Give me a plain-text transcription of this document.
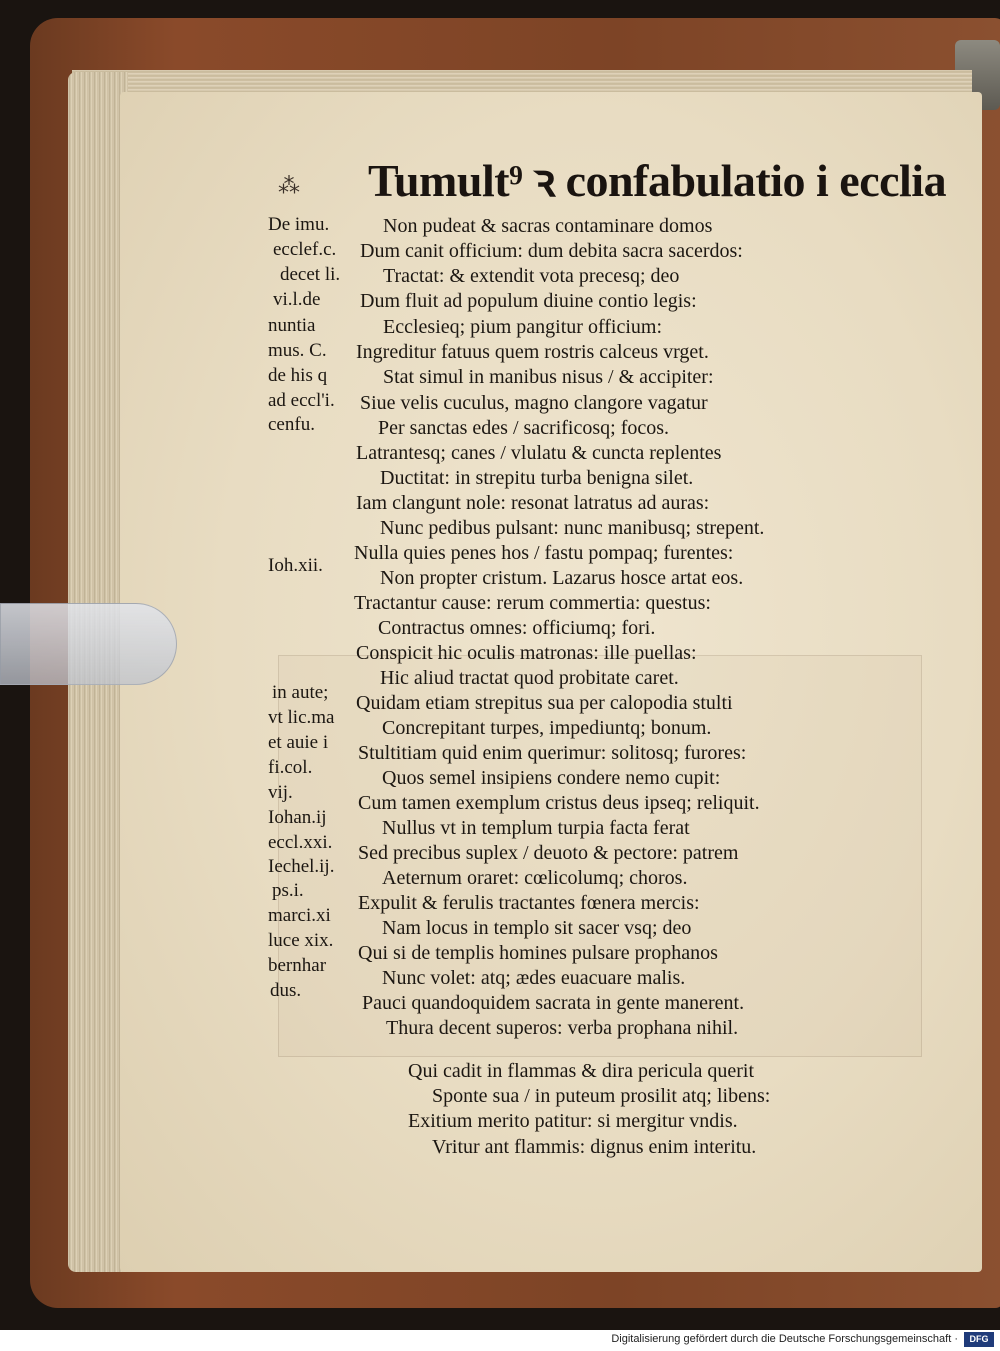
⁂ Tumult⁹ ꝛ confabulatio i ecclia
Non pudeat & sacras contaminare domos
Dum canit officium: dum debita sacra sacerdos:
Tractat: & extendit vota precesq; deo
Dum fluit ad populum diuine contio legis:
Ecclesieq; pium pangitur officium:
Ingreditur fatuus quem rostris calceus vrget.
Stat simul in manibus nisus / & accipiter:
Siue velis cuculus, magno clangore vagatur
Per sanctas edes / sacrificosq; focos.
Latrantesq; canes / vlulatu & cuncta replentes
Ductitat: in strepitu turba benigna silet.
Iam clangunt nole: resonat latratus ad auras:
Nunc pedibus pulsant: nunc manibusq; strepent.
Nulla quies penes hos / fastu pompaq; furentes:
Non propter cristum. Lazarus hosce artat eos.
Tractantur cause: rerum commertia: questus:
Contractus omnes: officiumq; fori.
Conspicit hic oculis matronas: ille puellas:
Hic aliud tractat quod probitate caret.
Quidam etiam strepitus sua per calopodia stulti
Concrepitant turpes, impediuntq; bonum.
Stultitiam quid enim querimur: solitosq; furores:
Quos semel insipiens condere nemo cupit:
Cum tamen exemplum cristus deus ipseq; reliquit.
Nullus vt in templum turpia facta ferat
Sed precibus suplex / deuoto & pectore: patrem
Aeternum oraret: cœlicolumq; choros.
Expulit & ferulis tractantes fœnera mercis:
Nam locus in templo sit sacer vsq; deo
Qui si de templis homines pulsare prophanos
Nunc volet: atq; ædes euacuare malis.
Pauci quandoquidem sacrata in gente manerent.
Thura decent superos: verba prophana nihil.
Qui cadit in flammas & dira pericula querit
Sponte sua / in puteum prosilit atq; libens:
Exitium merito patitur: si mergitur vndis.
Vritur ant flammis: dignus enim interitu.
De imu.
ecclef.c.
decet li.
vi.l.de
nuntia
mus. C.
de his q
ad eccl'i.
cenfu.
Ioh.xii.
in aute;
vt lic.ma
et auie i
fi.col.
vij.
Iohan.ij
eccl.xxi.
Iechel.ij.
ps.i.
marci.xi
luce xix.
bernhar
dus.
Digitalisierung gefördert durch die Deutsche Forschungsgemeinschaft ·	DFG
